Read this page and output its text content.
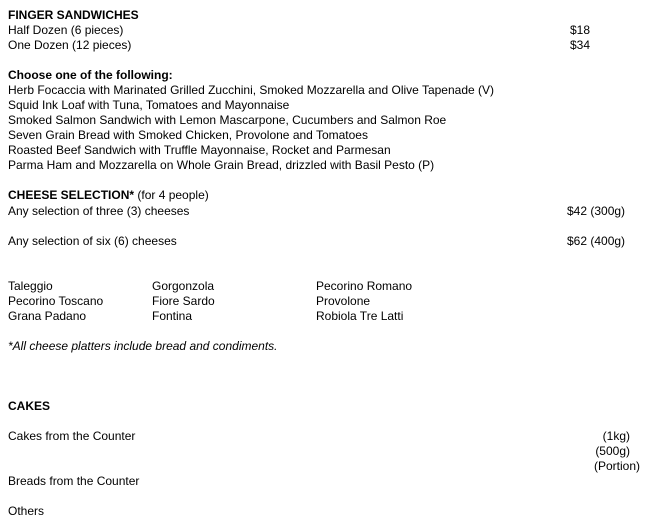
FINGER SANDWICHES
Half Dozen (6 pieces)	$18
One Dozen (12 pieces)	$34
Choose one of the following:
Herb Focaccia with Marinated Grilled Zucchini, Smoked Mozzarella and Olive Tapenade (V)
Squid Ink Loaf with Tuna, Tomatoes and Mayonnaise
Smoked Salmon Sandwich with Lemon Mascarpone, Cucumbers and Salmon Roe
Seven Grain Bread with Smoked Chicken, Provolone and Tomatoes
Roasted Beef Sandwich with Truffle Mayonnaise, Rocket and Parmesan
Parma Ham and Mozzarella on Whole Grain Bread, drizzled with Basil Pesto (P)
CHEESE SELECTION* (for 4 people)
Any selection of three (3) cheeses	$42 (300g)
Any selection of six (6) cheeses	$62 (400g)
Taleggio	Gorgonzola	Pecorino Romano
Pecorino Toscano	Fiore Sardo	Provolone
Grana Padano	Fontina	Robiola Tre Latti
*All cheese platters include bread and condiments.
CAKES
Cakes from the Counter	(1kg)
(500g)
(Portion)
Breads from the Counter
Others
